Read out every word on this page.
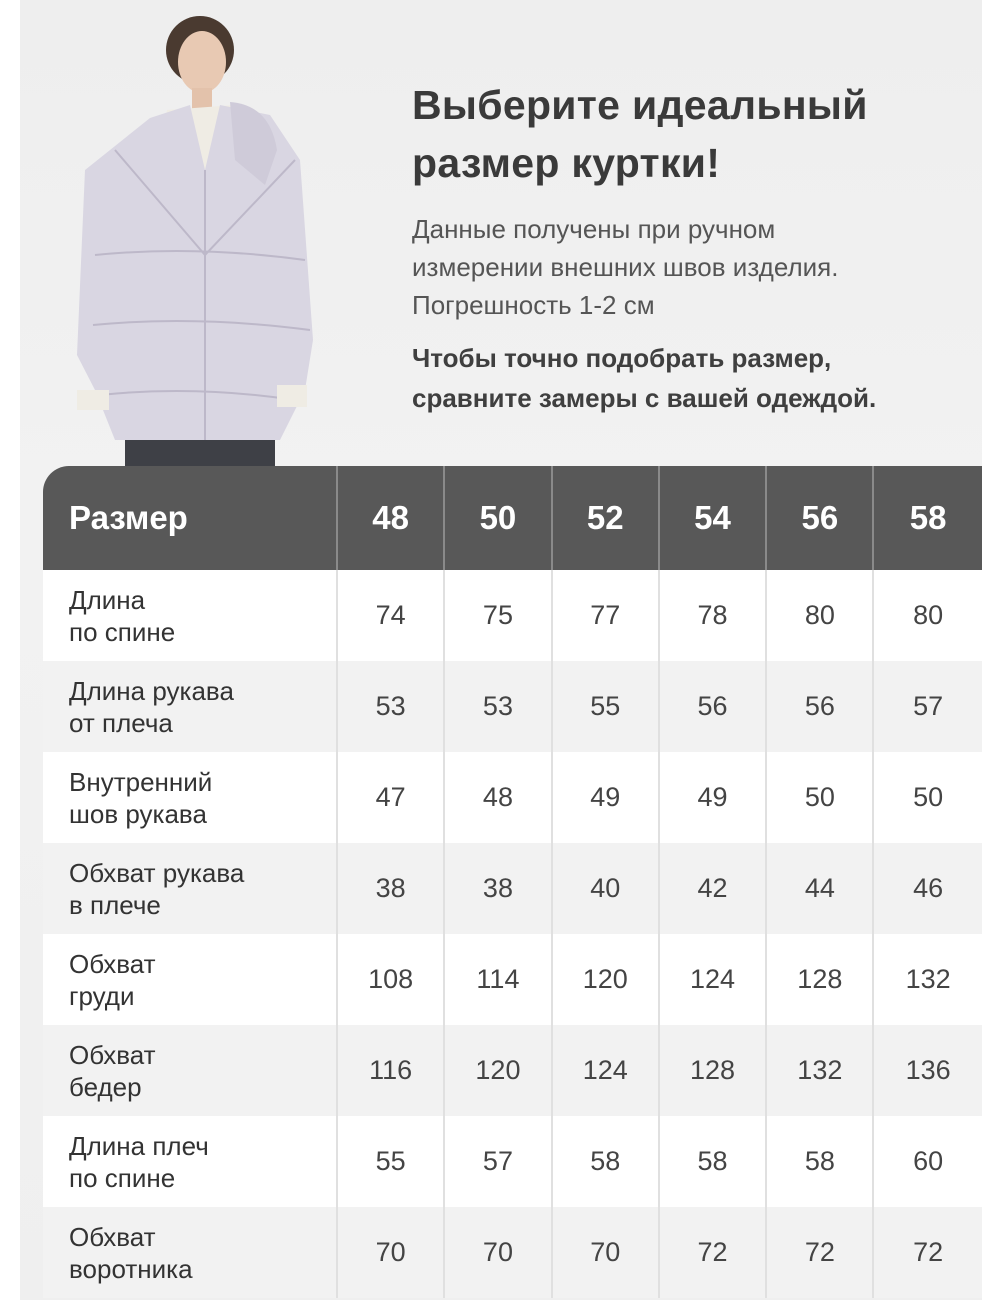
Выберите идеальный
размер куртки!
Данные получены при ручном
измерении внешних швов изделия.
Погрешность 1-2 см
Чтобы точно подобрать размер,
сравните замеры с вашей одеждой.
Размер	48	50	52	54	56	58
Длина
по спине
74	75	77	78	80	80
Длина рукава
от плеча
53	53	55	56	56	57
Внутренний
шов рукава
47	48	49	49	50	50
Обхват рукава
в плече
38	38	40	42	44	46
Обхват
груди
108	114	120	124	128	132
Обхват
бедер
116	120	124	128	132	136
Длина плеч
по спине
55	57	58	58	58	60
Обхват
воротника
70	70	70	72	72	72
